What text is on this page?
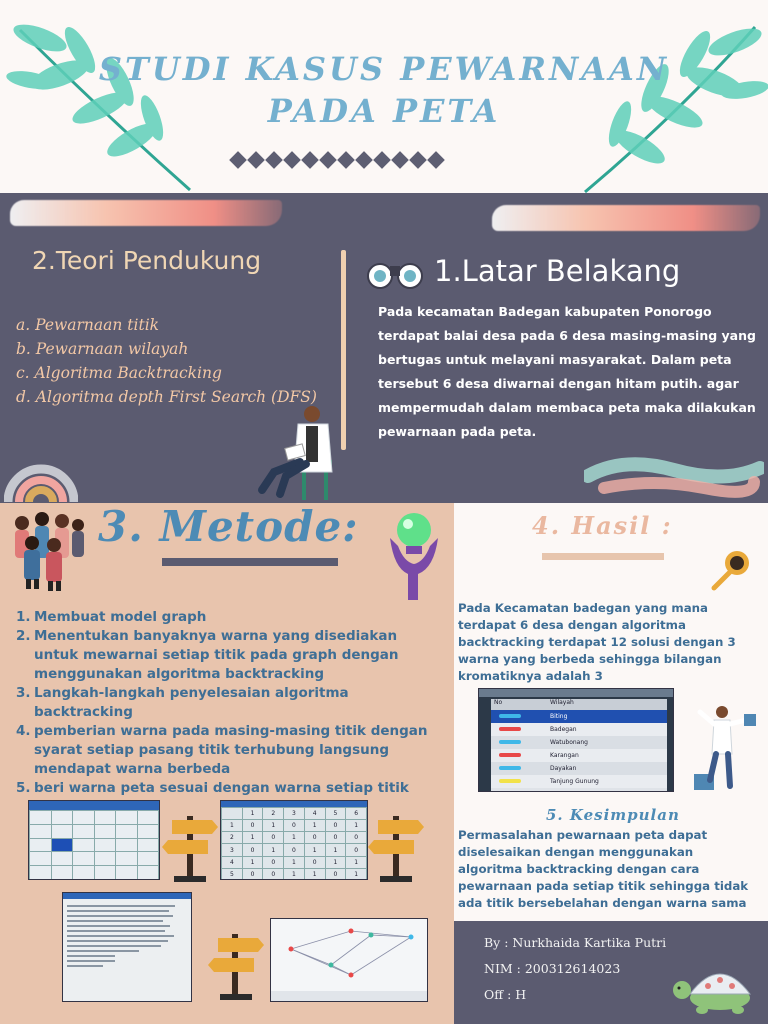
STUDI KASUS PEWARNAAN PADA PETA
2.Teori Pendukung
a. Pewarnaan titik
b. Pewarnaan wilayah
c. Algoritma Backtracking
d. Algoritma depth First Search (DFS)
1.Latar Belakang
Pada kecamatan Badegan kabupaten Ponorogo terdapat balai desa pada 6 desa masing-masing yang bertugas untuk melayani masyarakat. Dalam peta tersebut 6 desa diwarnai dengan hitam putih. agar mempermudah dalam membaca peta maka dilakukan pewarnaan pada peta.
3. Metode:
1. Membuat model graph
2. Menentukan banyaknya warna yang disediakan untuk mewarnai setiap titik pada graph dengan menggunakan algoritma backtracking
3. Langkah-langkah penyelesaian algoritma backtracking
4. pemberian warna pada masing-masing titik dengan syarat setiap pasang titik terhubung langsung mendapat warna berbeda
5. beri warna peta sesuai dengan warna setiap titik

	1	2	3	4	5	6
1	0	1	0	1	0	1
2	1	0	1	0	0	0
3	0	1	0	1	1	0
4	1	0	1	0	1	1
5	0	0	1	1	0	1
4. Hasil :
Pada Kecamatan badegan yang mana terdapat 6 desa dengan algoritma backtracking terdapat 12 solusi dengan 3 warna yang berbeda sehingga bilangan kromatiknya adalah 3
No	Wilayah
Biting
Badegan
Watubonang
Karangan
Dayakan
Tanjung Gunung
5. Kesimpulan
Permasalahan pewarnaan peta dapat diselesaikan dengan menggunakan algoritma backtracking dengan cara pewarnaan pada setiap titik sehingga tidak ada titik bersebelahan dengan warna sama
By : Nurkhaida Kartika Putri
NIM : 200312614023
Off : H
